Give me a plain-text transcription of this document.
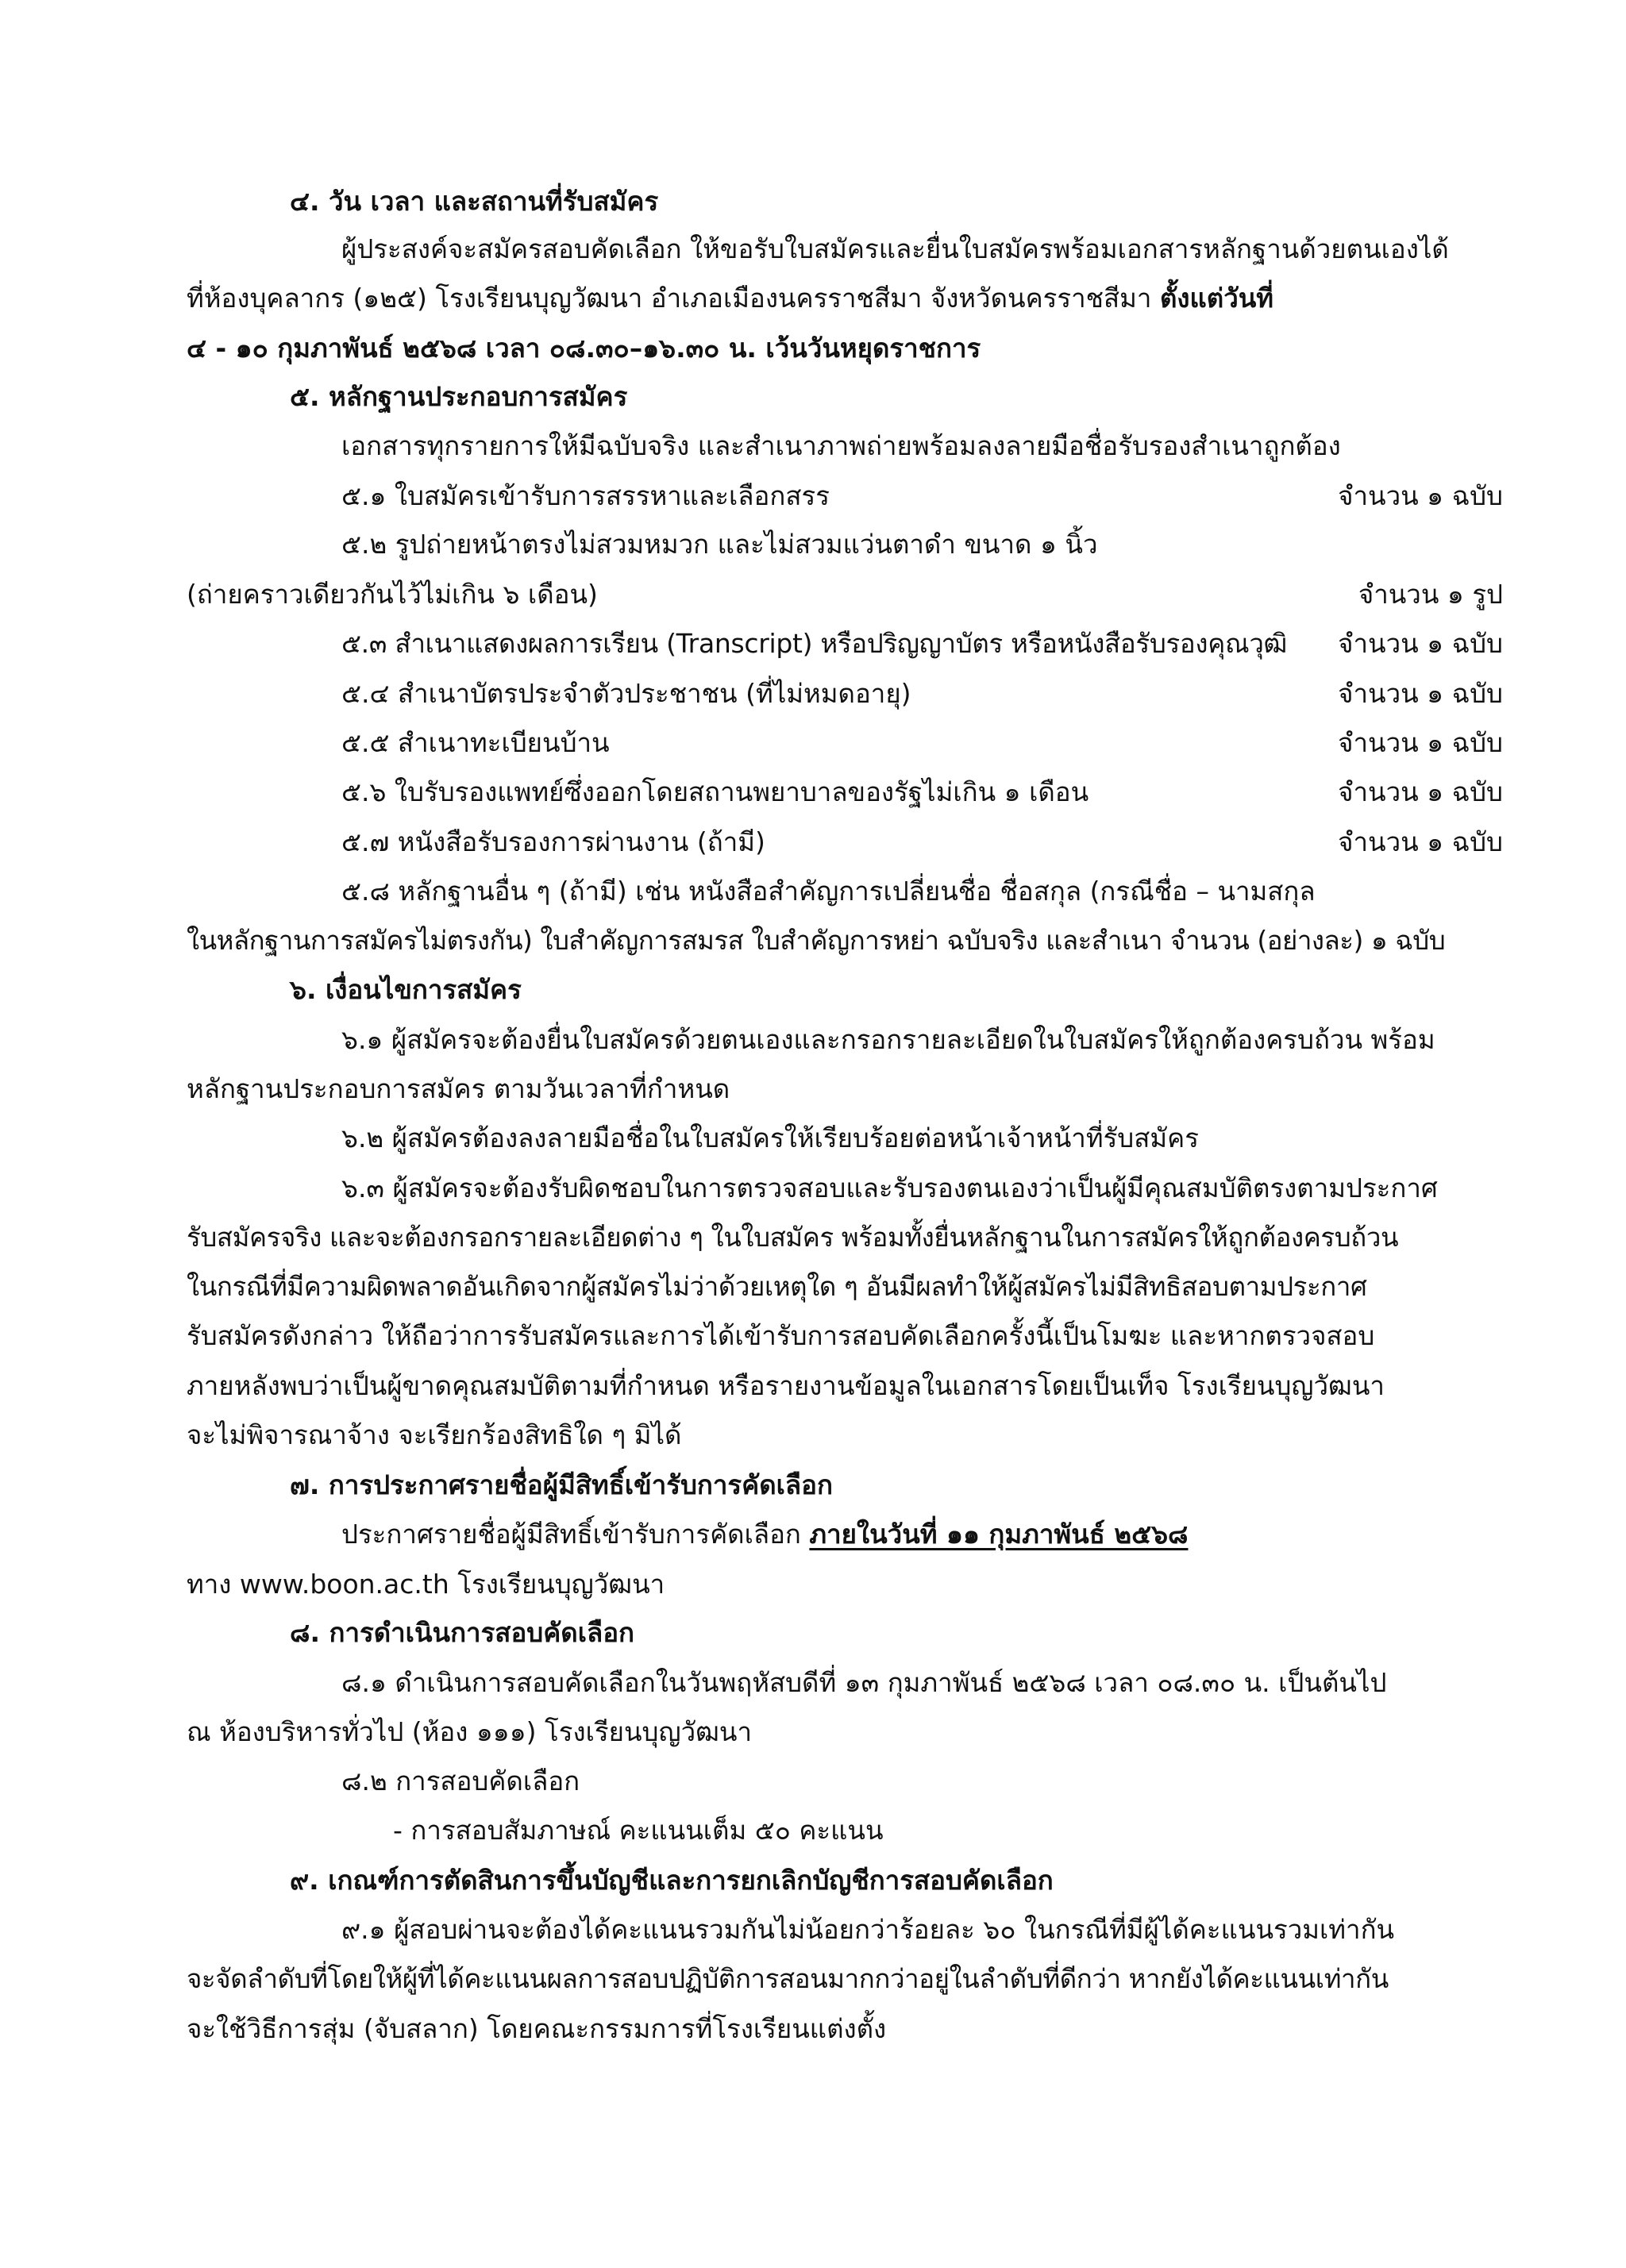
๔. วัน เวลา และสถานที่รับสมัคร
ผู้ประสงค์จะสมัครสอบคัดเลือก ให้ขอรับใบสมัครและยื่นใบสมัครพร้อมเอกสารหลักฐานด้วยตนเองได้
ที่ห้องบุคลากร (๑๒๕) โรงเรียนบุญวัฒนา อำเภอเมืองนครราชสีมา จังหวัดนครราชสีมา ตั้งแต่วันที่
๔ - ๑๐ กุมภาพันธ์ ๒๕๖๘ เวลา ๐๘.๓๐–๑๖.๓๐ น. เว้นวันหยุดราชการ
๕. หลักฐานประกอบการสมัคร
เอกสารทุกรายการให้มีฉบับจริง และสำเนาภาพถ่ายพร้อมลงลายมือชื่อรับรองสำเนาถูกต้อง
๕.๑ ใบสมัครเข้ารับการสรรหาและเลือกสรร	จำนวน ๑ ฉบับ
๕.๒ รูปถ่ายหน้าตรงไม่สวมหมวก และไม่สวมแว่นตาดำ ขนาด ๑ นิ้ว
(ถ่ายคราวเดียวกันไว้ไม่เกิน ๖ เดือน)	จำนวน ๑ รูป
๕.๓ สำเนาแสดงผลการเรียน (Transcript) หรือปริญญาบัตร หรือหนังสือรับรองคุณวุฒิ จำนวน ๑ ฉบับ
๕.๔ สำเนาบัตรประจำตัวประชาชน (ที่ไม่หมดอายุ)	จำนวน ๑ ฉบับ
๕.๕ สำเนาทะเบียนบ้าน	จำนวน ๑ ฉบับ
๕.๖ ใบรับรองแพทย์ซึ่งออกโดยสถานพยาบาลของรัฐไม่เกิน ๑ เดือน	จำนวน ๑ ฉบับ
๕.๗ หนังสือรับรองการผ่านงาน (ถ้ามี)	จำนวน ๑ ฉบับ
๕.๘ หลักฐานอื่น ๆ (ถ้ามี) เช่น หนังสือสำคัญการเปลี่ยนชื่อ ชื่อสกุล (กรณีชื่อ – นามสกุล
ในหลักฐานการสมัครไม่ตรงกัน) ใบสำคัญการสมรส ใบสำคัญการหย่า ฉบับจริง และสำเนา จำนวน (อย่างละ) ๑ ฉบับ
๖. เงื่อนไขการสมัคร
๖.๑ ผู้สมัครจะต้องยื่นใบสมัครด้วยตนเองและกรอกรายละเอียดในใบสมัครให้ถูกต้องครบถ้วน พร้อม
หลักฐานประกอบการสมัคร ตามวันเวลาที่กำหนด
๖.๒ ผู้สมัครต้องลงลายมือชื่อในใบสมัครให้เรียบร้อยต่อหน้าเจ้าหน้าที่รับสมัคร
๖.๓ ผู้สมัครจะต้องรับผิดชอบในการตรวจสอบและรับรองตนเองว่าเป็นผู้มีคุณสมบัติตรงตามประกาศ
รับสมัครจริง และจะต้องกรอกรายละเอียดต่าง ๆ ในใบสมัคร พร้อมทั้งยื่นหลักฐานในการสมัครให้ถูกต้องครบถ้วน
ในกรณีที่มีความผิดพลาดอันเกิดจากผู้สมัครไม่ว่าด้วยเหตุใด ๆ อันมีผลทำให้ผู้สมัครไม่มีสิทธิสอบตามประกาศ
รับสมัครดังกล่าว ให้ถือว่าการรับสมัครและการได้เข้ารับการสอบคัดเลือกครั้งนี้เป็นโมฆะ และหากตรวจสอบ
ภายหลังพบว่าเป็นผู้ขาดคุณสมบัติตามที่กำหนด หรือรายงานข้อมูลในเอกสารโดยเป็นเท็จ โรงเรียนบุญวัฒนา
จะไม่พิจารณาจ้าง จะเรียกร้องสิทธิใด ๆ มิได้
๗. การประกาศรายชื่อผู้มีสิทธิ์เข้ารับการคัดเลือก
ประกาศรายชื่อผู้มีสิทธิ์เข้ารับการคัดเลือก ภายในวันที่ ๑๑ กุมภาพันธ์ ๒๕๖๘
ทาง www.boon.ac.th โรงเรียนบุญวัฒนา
๘. การดำเนินการสอบคัดเลือก
๘.๑ ดำเนินการสอบคัดเลือกในวันพฤหัสบดีที่ ๑๓ กุมภาพันธ์ ๒๕๖๘ เวลา ๐๘.๓๐ น. เป็นต้นไป
ณ ห้องบริหารทั่วไป (ห้อง ๑๑๑) โรงเรียนบุญวัฒนา
๘.๒ การสอบคัดเลือก
- การสอบสัมภาษณ์ คะแนนเต็ม ๕๐ คะแนน
๙. เกณฑ์การตัดสินการขึ้นบัญชีและการยกเลิกบัญชีการสอบคัดเลือก
๙.๑ ผู้สอบผ่านจะต้องได้คะแนนรวมกันไม่น้อยกว่าร้อยละ ๖๐ ในกรณีที่มีผู้ได้คะแนนรวมเท่ากัน
จะจัดลำดับที่โดยให้ผู้ที่ได้คะแนนผลการสอบปฏิบัติการสอนมากกว่าอยู่ในลำดับที่ดีกว่า หากยังได้คะแนนเท่ากัน
จะใช้วิธีการสุ่ม (จับสลาก) โดยคณะกรรมการที่โรงเรียนแต่งตั้ง
